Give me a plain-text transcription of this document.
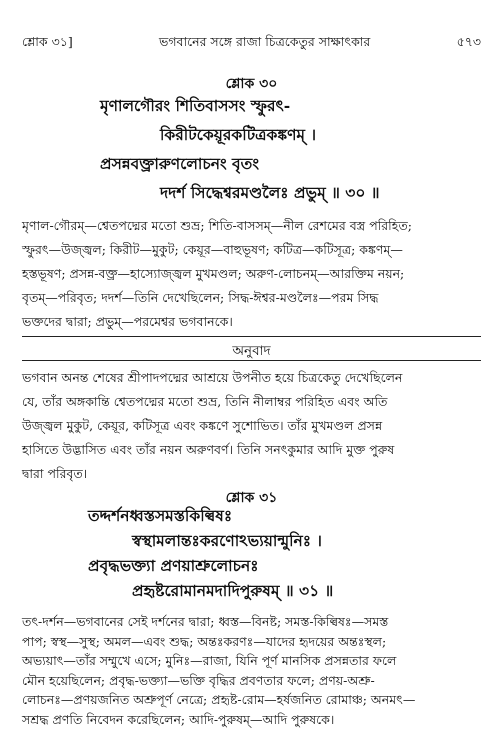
শ্লোক ৩১]	ভগবানের সঙ্গে রাজা চিত্রকেতুর সাক্ষাৎকার	৫৭৩
শ্লোক ৩০
মৃণালগৌরং শিতিবাসসং স্ফুরৎ-
কিরীটকেয়ূরকটিত্রকঙ্কণম্ ।
প্রসন্নবক্ত্রারুণলোচনং বৃতং
দদর্শ সিদ্ধেশ্বরমণ্ডলৈঃ প্রভুম্ ॥ ৩০ ॥
মৃণাল-গৌরম্—শ্বেতপদ্মের মতো শুভ্র; শিতি-বাসসম্—নীল রেশমের বস্ত্র পরিহিত;
স্ফুরৎ—উজ্জ্বল; কিরীট—মুকুট; কেয়ূর—বাহুভূষণ; কটিত্র—কটিসূত্র; কঙ্কণম্—
হস্তভূষণ; প্রসন্ন-বক্ত্র—হাস্যোজ্জ্বল মুখমণ্ডল; অরুণ-লোচনম্—আরক্তিম নয়ন;
বৃতম্—পরিবৃত; দদর্শ—তিনি দেখেছিলেন; সিদ্ধ-ঈশ্বর-মণ্ডলৈঃ—পরম সিদ্ধ
ভক্তদের দ্বারা; প্রভুম্—পরমেশ্বর ভগবানকে।
অনুবাদ
ভগবান অনন্ত শেষের শ্রীপাদপদ্মের আশ্রয়ে উপনীত হয়ে চিত্রকেতু দেখেছিলেন
যে, তাঁর অঙ্গকান্তি শ্বেতপদ্মের মতো শুভ্র, তিনি নীলাম্বর পরিহিত এবং অতি
উজ্জ্বল মুকুট, কেয়ূর, কটিসূত্র এবং কঙ্কণে সুশোভিত। তাঁর মুখমণ্ডল প্রসন্ন
হাসিতে উদ্ভাসিত এবং তাঁর নয়ন অরুণবর্ণ। তিনি সনৎকুমার আদি মুক্ত পুরুষ
দ্বারা পরিবৃত।
শ্লোক ৩১
তদ্দর্শনধ্বস্তসমস্তকিল্বিষঃ
স্বস্থামলান্তঃকরণোঽভ্যয়ান্মুনিঃ ।
প্রবৃদ্ধভক্ত্যা প্রণয়াশ্রুলোচনঃ
প্রহৃষ্টরোমানমদাদিপুরুষম্ ॥ ৩১ ॥
তৎ-দর্শন—ভগবানের সেই দর্শনের দ্বারা; ধ্বস্ত—বিনষ্ট; সমস্ত-কিল্বিষঃ—সমস্ত
পাপ; স্বস্থ—সুস্থ; অমল—এবং শুদ্ধ; অন্তঃকরণঃ—যাদের হৃদয়ের অন্তঃস্থল;
অভ্যয়াৎ—তাঁর সম্মুখে এসে; মুনিঃ—রাজা, যিনি পূর্ণ মানসিক প্রসন্নতার ফলে
মৌন হয়েছিলেন; প্রবৃদ্ধ-ভক্ত্যা—ভক্তি বৃদ্ধির প্রবণতার ফলে; প্রণয়-অশ্রু-
লোচনঃ—প্রণয়জনিত অশ্রুপূর্ণ নেত্রে; প্রহৃষ্ট-রোম—হর্ষজনিত রোমাঞ্চ; অনমৎ—
সশ্রদ্ধ প্রণতি নিবেদন করেছিলেন; আদি-পুরুষম্—আদি পুরুষকে।
